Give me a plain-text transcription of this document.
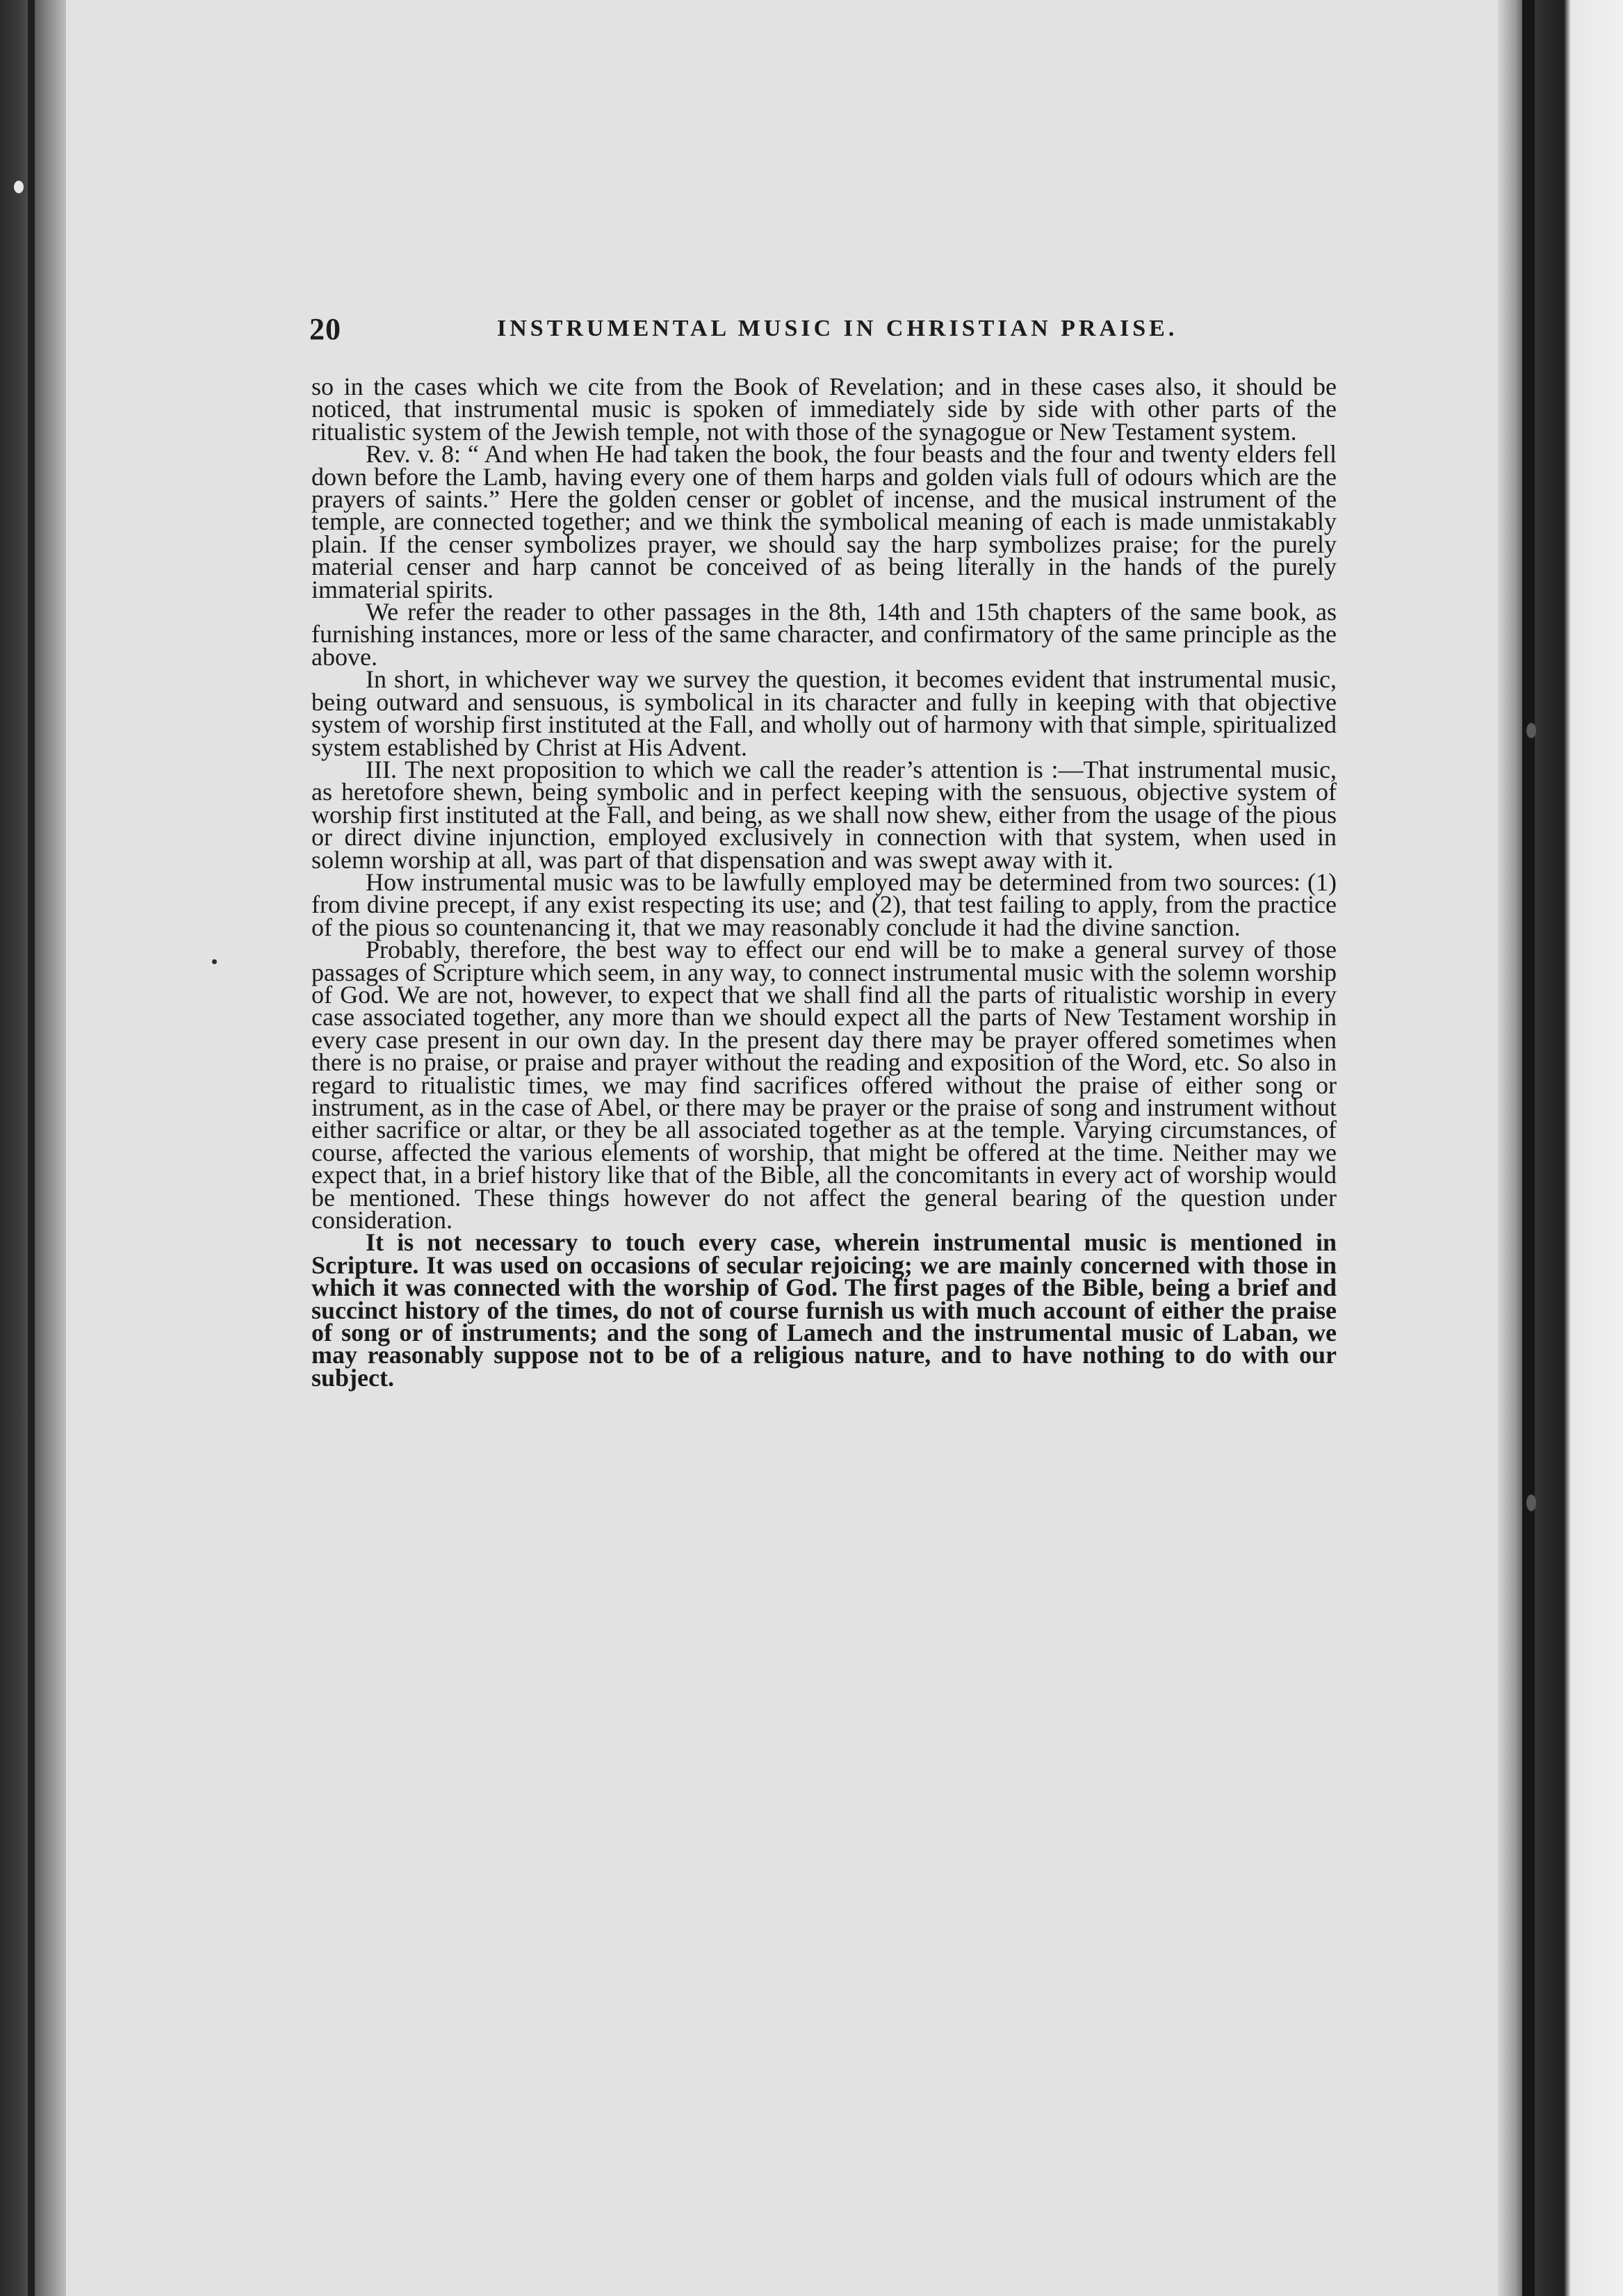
20	INSTRUMENTAL MUSIC IN CHRISTIAN PRAISE.

so in the cases which we cite from the Book of Revelation; and in these cases also, it should be noticed, that instrumental music is spoken of immediately side by side with other parts of the ritualistic system of the Jewish temple, not with those of the synagogue or New Testament system.

Rev. v. 8: “ And when He had taken the book, the four beasts and the four and twenty elders fell down before the Lamb, having every one of them harps and golden vials full of odours which are the prayers of saints.” Here the golden censer or goblet of incense, and the musical instrument of the temple, are connected together; and we think the symbolical meaning of each is made unmistakably plain. If the censer symbolizes prayer, we should say the harp symbolizes praise; for the purely material censer and harp cannot be conceived of as being literally in the hands of the purely immaterial spirits.

We refer the reader to other passages in the 8th, 14th and 15th chapters of the same book, as furnishing instances, more or less of the same character, and confirmatory of the same principle as the above.

In short, in whichever way we survey the question, it becomes evident that instrumental music, being outward and sensuous, is symbolical in its character and fully in keeping with that objective system of worship first instituted at the Fall, and wholly out of harmony with that simple, spiritualized system established by Christ at His Advent.

III. The next proposition to which we call the reader’s attention is :—That instrumental music, as heretofore shewn, being symbolic and in perfect keeping with the sensuous, objective system of worship first instituted at the Fall, and being, as we shall now shew, either from the usage of the pious or direct divine injunction, employed exclusively in connection with that system, when used in solemn worship at all, was part of that dispensation and was swept away with it.

How instrumental music was to be lawfully employed may be determined from two sources: (1) from divine precept, if any exist respecting its use; and (2), that test failing to apply, from the practice of the pious so countenancing it, that we may reasonably conclude it had the divine sanction.

Probably, therefore, the best way to effect our end will be to make a general survey of those passages of Scripture which seem, in any way, to connect instrumental music with the solemn worship of God. We are not, however, to expect that we shall find all the parts of ritualistic worship in every case associated together, any more than we should expect all the parts of New Testament worship in every case present in our own day. In the present day there may be prayer offered sometimes when there is no praise, or praise and prayer without the reading and exposition of the Word, etc. So also in regard to ritualistic times, we may find sacrifices offered without the praise of either song or instrument, as in the case of Abel, or there may be prayer or the praise of song and instrument without either sacrifice or altar, or they be all associated together as at the temple. Varying circumstances, of course, affected the various elements of worship, that might be offered at the time. Neither may we expect that, in a brief history like that of the Bible, all the concomitants in every act of worship would be mentioned. These things however do not affect the general bearing of the question under consideration.

It is not necessary to touch every case, wherein instrumental music is mentioned in Scripture. It was used on occasions of secular rejoicing; we are mainly concerned with those in which it was connected with the worship of God. The first pages of the Bible, being a brief and succinct history of the times, do not of course furnish us with much account of either the praise of song or of instruments; and the song of Lamech and the instrumental music of Laban, we may reasonably suppose not to be of a religious nature, and to have nothing to do with our subject.
